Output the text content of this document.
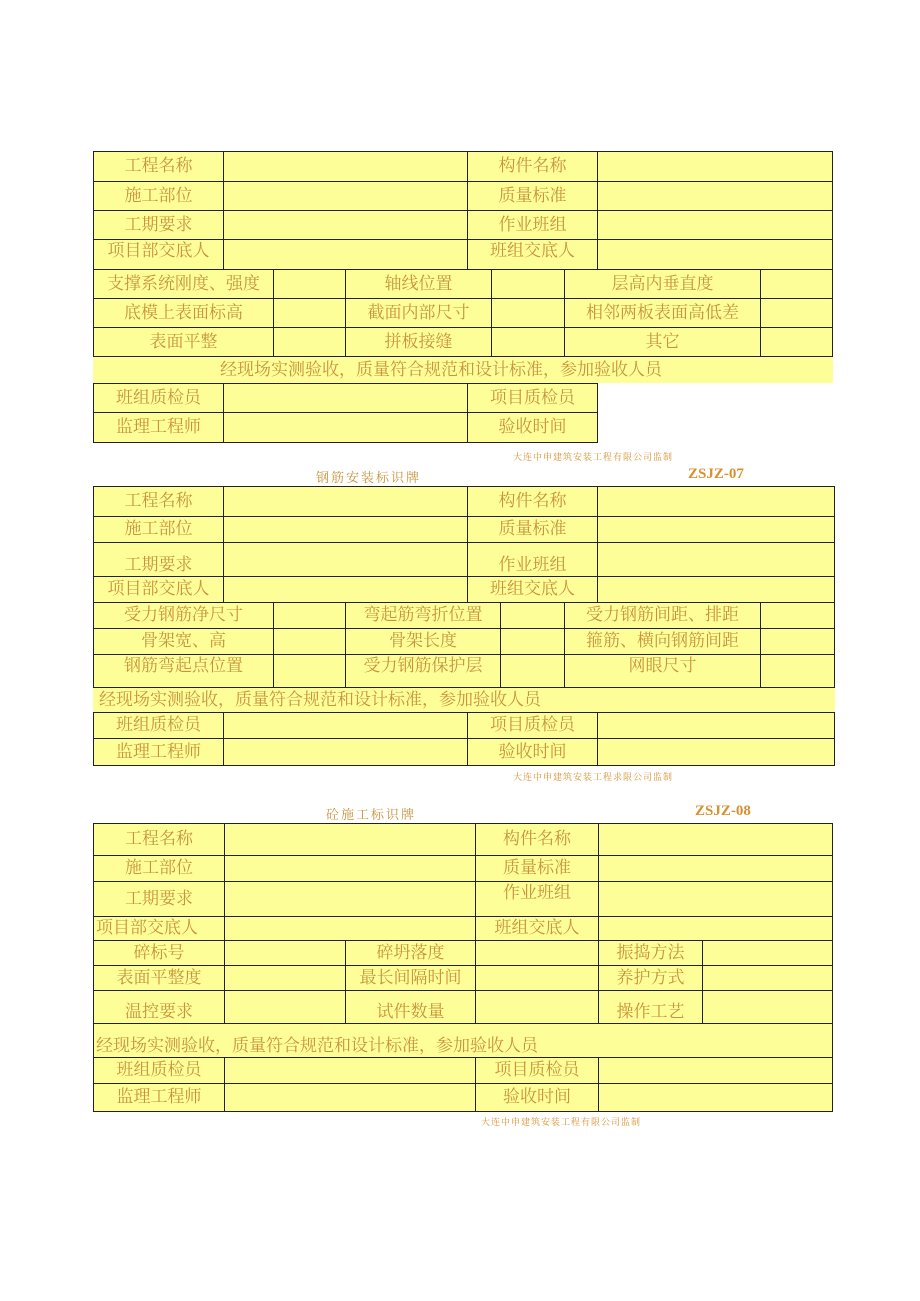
工程名称	构件名称
施工部位	质量标准
工期要求	作业班组
项目部交底人	班组交底人
支撑系统刚度、强度	轴线位置	层高内垂直度
底模上表面标高	截面内部尺寸	相邻两板表面高低差
表面平整	拼板接缝	其它
经现场实测验收，质量符合规范和设计标准，参加验收人员
班组质检员	项目质检员
监理工程师	验收时间
大连中申建筑安装工程有限公司监制
钢筋安装标识牌	ZSJZ-07
工程名称	构件名称
施工部位	质量标准
工期要求	作业班组
项目部交底人	班组交底人
受力钢筋净尺寸	弯起筋弯折位置	受力钢筋间距、排距
骨架宽、高	骨架长度	箍筋、横向钢筋间距
钢筋弯起点位置	受力钢筋保护层	网眼尺寸
经现场实测验收，质量符合规范和设计标准，参加验收人员
班组质检员	项目质检员
监理工程师	验收时间
大连中申建筑安装工程求限公司监制
砼施工标识牌	ZSJZ-08
工程名称	构件名称
施工部位	质量标准
工期要求	作业班组
项目部交底人	班组交底人
碎标号	碎坍落度	振捣方法
表面平整度	最长间隔时间	养护方式
温控要求	试件数量	操作工艺
经现场实测验收，质量符合规范和设计标准，参加验收人员
班组质检员	项目质检员
监理工程师	验收时间
大连中申建筑安装工程有限公司监制
